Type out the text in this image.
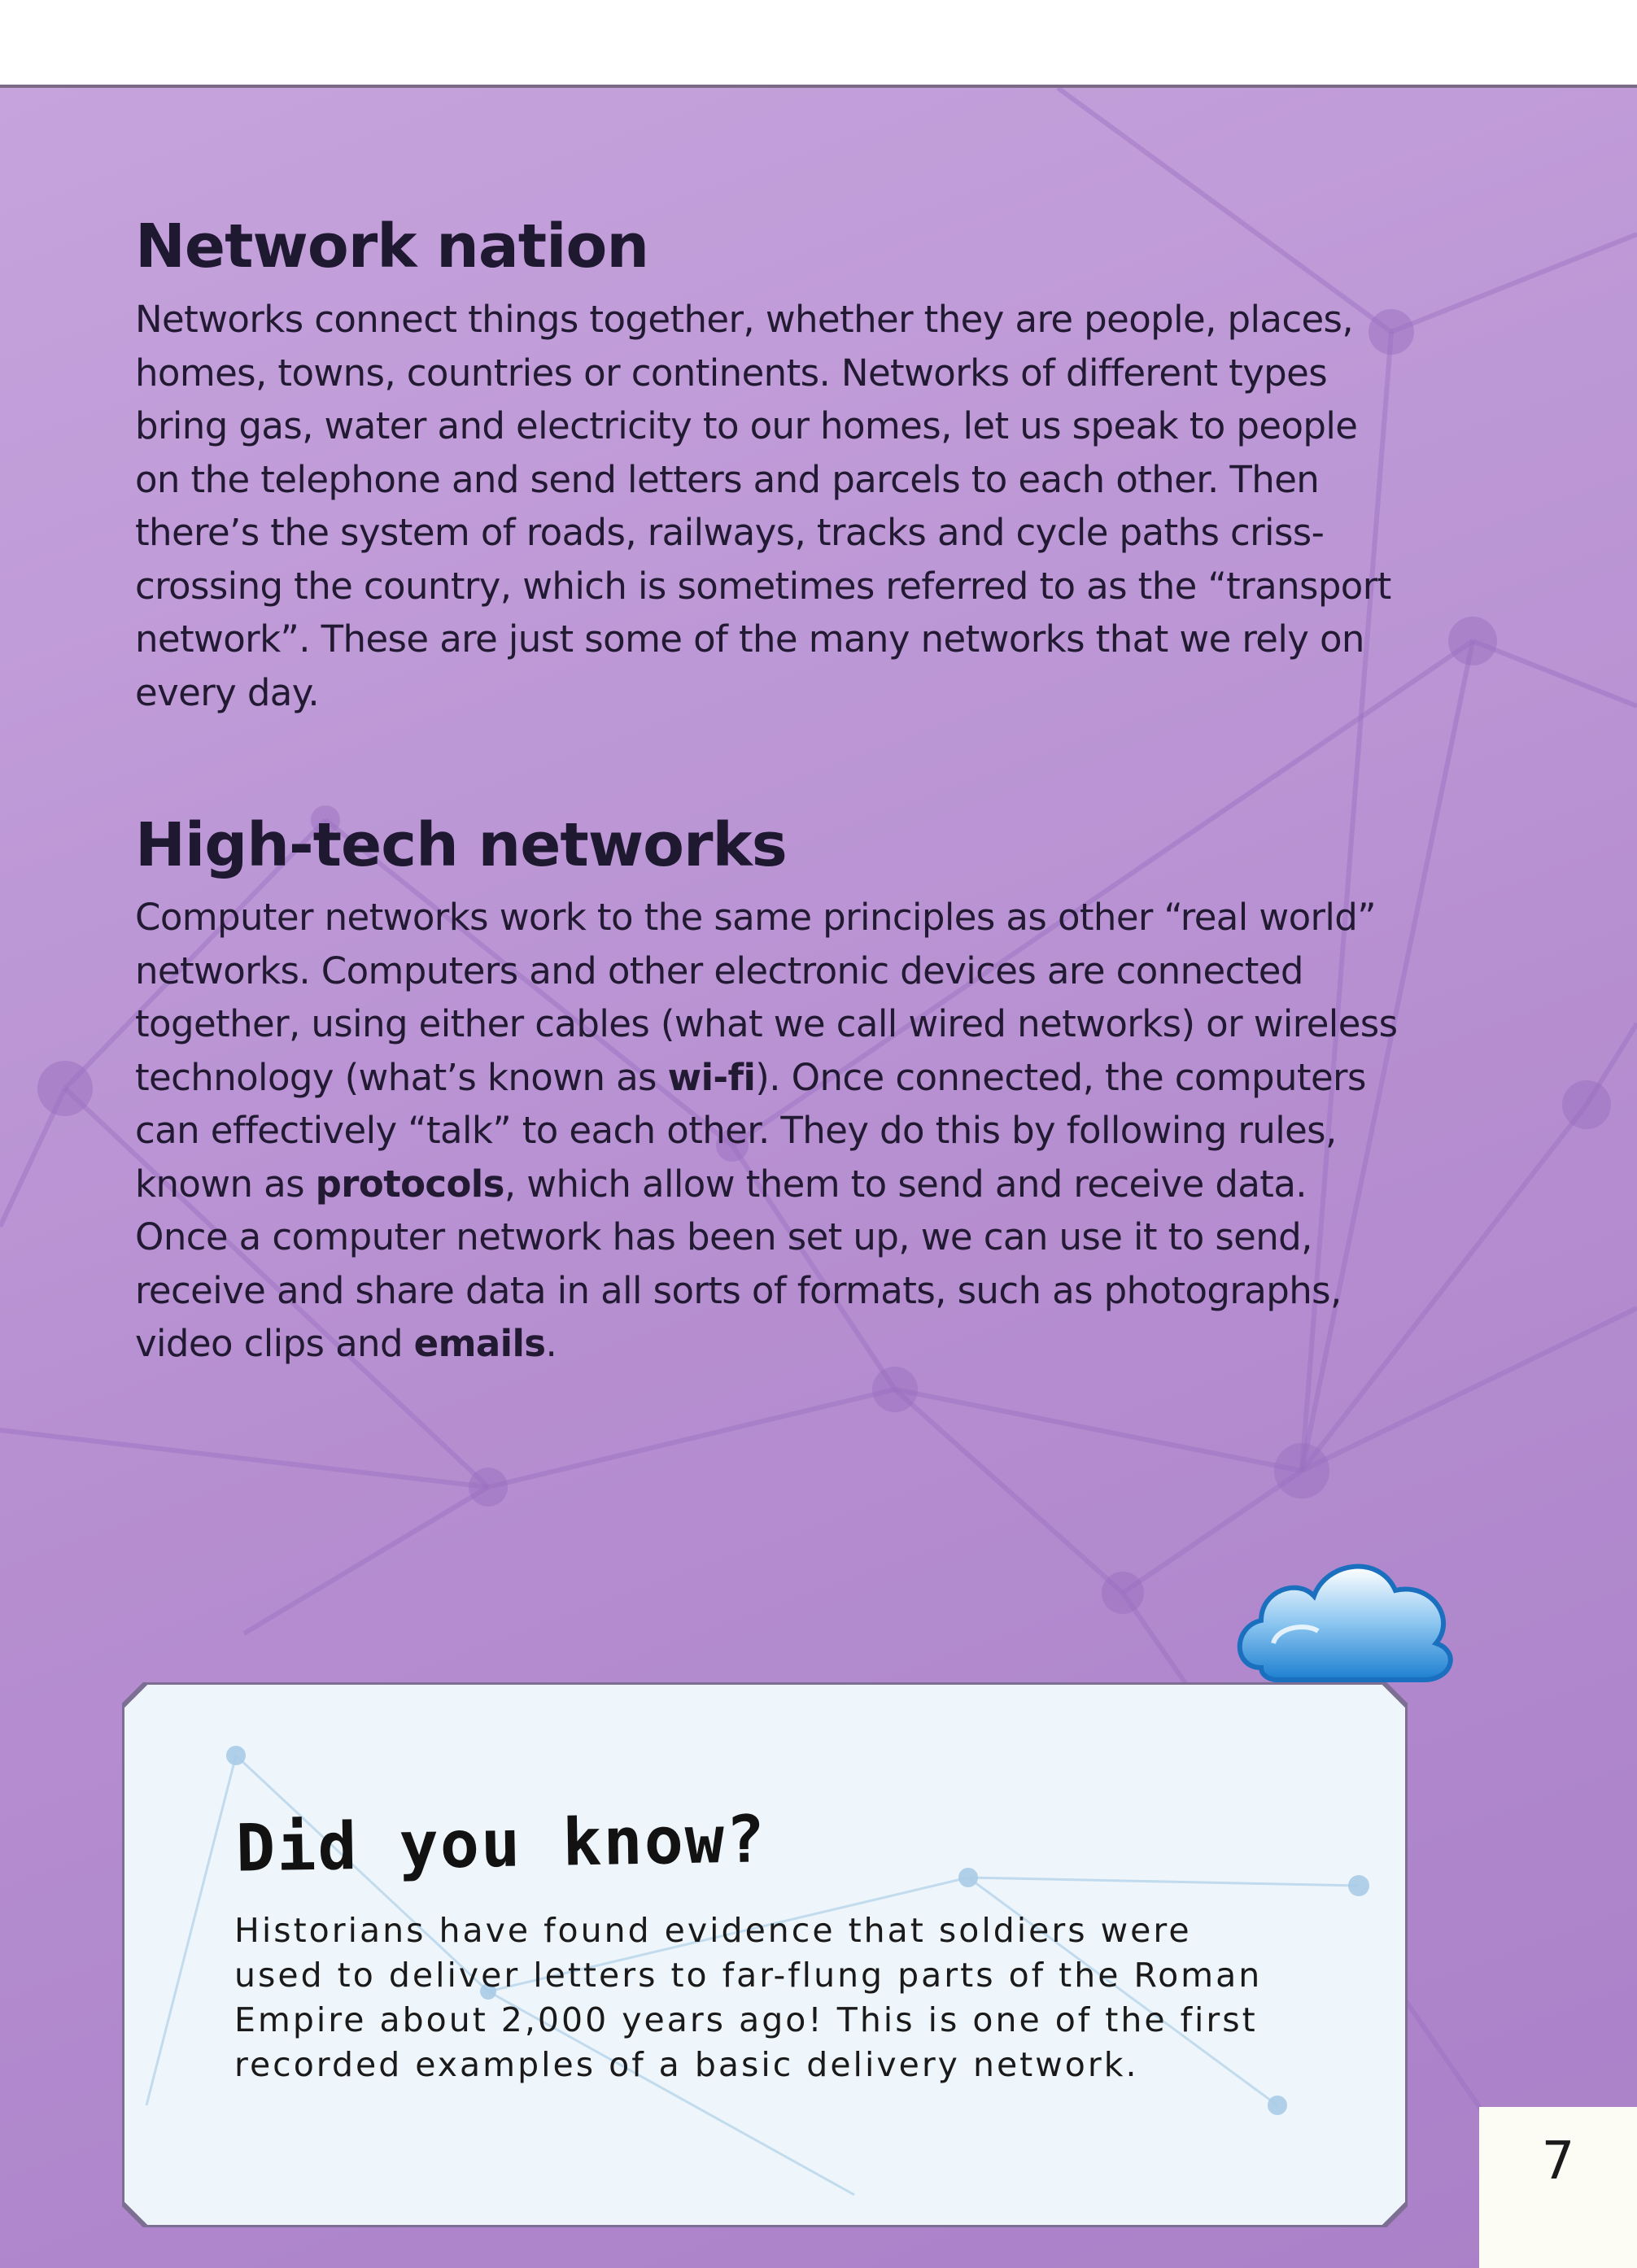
Network nation

Networks connect things together, whether they are people, places, homes, towns, countries or continents. Networks of different types bring gas, water and electricity to our homes, let us speak to people on the telephone and send letters and parcels to each other. Then there’s the system of roads, railways, tracks and cycle paths criss-crossing the country, which is sometimes referred to as the “transport network”. These are just some of the many networks that we rely on every day.

High-tech networks

Computer networks work to the same principles as other “real world” networks. Computers and other electronic devices are connected together, using either cables (what we call wired networks) or wireless technology (what’s known as wi-fi). Once connected, the computers can effectively “talk” to each other. They do this by following rules, known as protocols, which allow them to send and receive data. Once a computer network has been set up, we can use it to send, receive and share data in all sorts of formats, such as photographs, video clips and emails.

Did you know?

Historians have found evidence that soldiers were used to deliver letters to far-flung parts of the Roman Empire about 2,000 years ago! This is one of the first recorded examples of a basic delivery network.

7
